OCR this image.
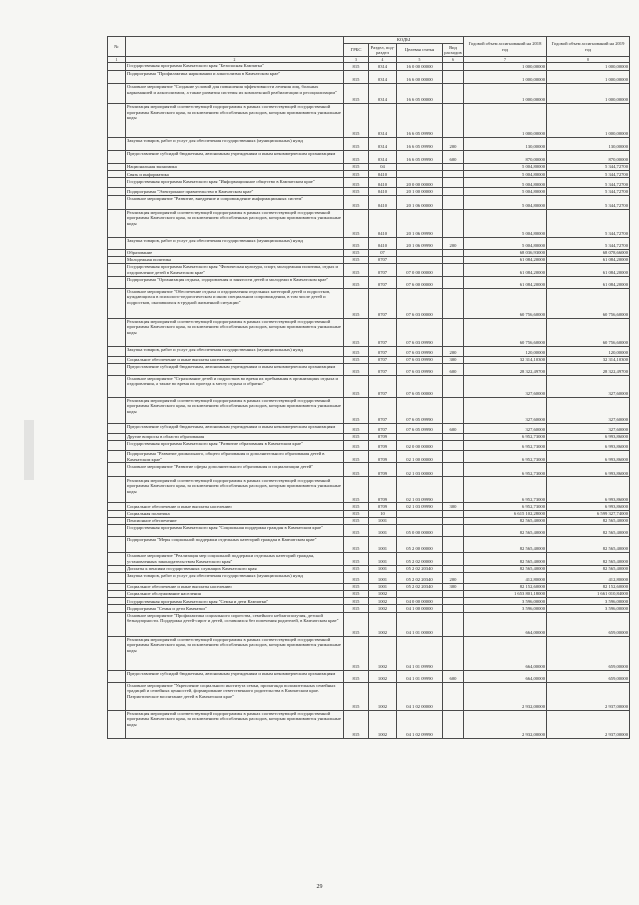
№		КОДЫ				Годовой объем ассигнований на 2018 год	Годовой объем ассигнований на 2019 год
		ГРБС	Раздел, под-раздел	Целевая статья	Вид расходов		
1	2	3	4	5	6	7	8
	Государственная программа Камчатского края "Безопасная Камчатка"	815	0314	16 0 00 00000		1 000,00000	1 000,00000
	Подпрограмма "Профилактика наркомании и алкоголизма в Камчатском крае"	815	0314	16 6 00 00000		1 000,00000	1 000,00000
	Основное мероприятие "Создание условий для повышения эффективности лечения лиц, больных наркоманией и алкоголизмом, а также развития системы их комплексной реабилитации и ресоциализации"	815	0314	16 6 05 00000		1 000,00000	1 000,00000
	Реализация мероприятий соответствующей подпрограммы в рамках соответствующей государственной программы Камчатского края, за исключением обособленных расходов, которым присваиваются уникальные коды	815	0314	16 6 05 09990		1 000,00000	1 000,00000
	Закупка товаров, работ и услуг для обеспечения государственных (муниципальных) нужд	815	0314	16 6 05 09990	200	130,00000	130,00000
	Предоставление субсидий бюджетным, автономным учреждениям и иным некоммерческим организациям	815	0314	16 6 05 09990	600	870,00000	870,00000
	Национальная экономика	815	04			5 004,80000	5 344,72700
	Связь и информатика	815	0410			5 004,80000	5 344,72700
	Государственная программа Камчатского края "Информационное общество в Камчатском крае"	815	0410	20 0 00 00000		5 004,80000	5 344,72700
	Подпрограмма "Электронное правительство в Камчатском крае"	815	0410	20 1 00 00000		5 004,80000	5 344,72700
	Основное мероприятие "Развитие, внедрение и сопровождение информационных систем"	815	0410	20 1 06 00000		5 004,80000	5 344,72700
	Реализация мероприятий соответствующей подпрограммы в рамках соответствующей государственной программы Камчатского края, за исключением обособленных расходов, которым присваиваются уникальные коды	815	0410	20 1 06 09990		5 004,80000	5 344,72700
	Закупка товаров, работ и услуг для обеспечения государственных (муниципальных) нужд	815	0410	20 1 06 09990	200	5 004,80000	5 344,72700
	Образование	815	07			68 036,93000	68 078,66000
	Молодежная политика	815	0707			61 084,20000	61 084,20000
	Государственная программа Камчатского края "Физическая культура, спорт, молодежная политика, отдых и оздоровление детей в Камчатском крае"	815	0707	07 0 00 00000		61 084,20000	61 084,20000
	Подпрограмма "Организация отдыха, оздоровления и занятости детей и молодежи в Камчатском крае"	815	0707	07 6 00 00000		61 084,20000	61 084,20000
	Основное мероприятие "Обеспечение отдыха и оздоровления отдельных категорий детей и подростков, нуждающихся в психолого-педагогическом и ином специальном сопровождении, в том числе детей и подростков, оказавшихся в трудной жизненной ситуации"	815	0707	07 6 03 00000		60 756,60000	60 756,60000
	Реализация мероприятий соответствующей подпрограммы в рамках соответствующей государственной программы Камчатского края, за исключением обособленных расходов, которым присваиваются уникальные коды	815	0707	07 6 03 09990		60 756,60000	60 756,60000
	Закупка товаров, работ и услуг для обеспечения государственных (муниципальных) нужд	815	0707	07 6 03 09990	200	120,00000	120,00000
	Социальное обеспечение и иные выплаты населению	815	0707	07 6 03 09990	300	32 314,10300	32 314,10300
	Предоставление субсидий бюджетным, автономным учреждениям и иным некоммерческим организациям	815	0707	07 6 03 09990	600	28 322,49700	28 322,49700
	Основное мероприятие "Страхование детей и подростков во время их пребывания в организациях отдыха и оздоровления, а также во время их проезда к месту отдыха и обратно"	815	0707	07 6 05 00000		327,60000	327,60000
	Реализация мероприятий соответствующей подпрограммы в рамках соответствующей государственной программы Камчатского края, за исключением обособленных расходов, которым присваиваются уникальные коды	815	0707	07 6 05 09990		327,60000	327,60000
	Предоставление субсидий бюджетным, автономным учреждениям и иным некоммерческим организациям	815	0707	07 6 05 09990	600	327,60000	327,60000
	Другие вопросы в области образования	815	0709			6 952,73000	6 993,86000
	Государственная программа Камчатского края "Развитие образования в Камчатском крае"	815	0709	02 0 00 00000		6 952,73000	6 993,86000
	Подпрограмма "Развитие дошкольного, общего образования и дополнительного образования детей в Камчатском крае"	815	0709	02 1 00 00000		6 952,73000	6 993,86000
	Основное мероприятие "Развитие сферы дополнительного образования и социализации детей"	815	0709	02 1 03 00000		6 952,73000	6 993,86000
	Реализация мероприятий соответствующей подпрограммы в рамках соответствующей государственной программы Камчатского края, за исключением обособленных расходов, которым присваиваются уникальные коды	815	0709	02 1 03 09990		6 952,73000	6 993,86000
	Социальное обеспечение и иные выплаты населению	815	0709	02 1 03 09990	300	6 952,73000	6 993,86000
	Социальная политика	815	10			6 615 102,28000	6 599 327,74000
	Пенсионное обеспечение	815	1001			82 565,40000	82 565,40000
	Государственная программа Камчатского края "Социальная поддержка граждан в Камчатском крае"	815	1001	05 0 00 00000		82 565,40000	82 565,40000
	Подпрограмма "Меры социальной поддержки отдельных категорий граждан в Камчатском крае"	815	1001	05 2 00 00000		82 565,40000	82 565,40000
	Основное мероприятие "Реализация мер социальной поддержки отдельных категорий граждан, установленных законодательством Камчатского края"	815	1001	05 2 02 00000		82 565,40000	82 565,40000
	Доплаты к пенсиям государственных служащих Камчатского края	815	1001	05 2 02 20340		82 565,40000	82 565,40000
	Закупка товаров, работ и услуг для обеспечения государственных (муниципальных) нужд	815	1001	05 2 02 20340	200	412,80000	412,80000
	Социальное обеспечение и иные выплаты населению	815	1001	05 2 02 20340	300	82 152,60000	82 152,60000
	Социальное обслуживание населения	815	1002			1 653 801,18000	1 661 010,84000
	Государственная программа Камчатского края "Семья и дети Камчатки"	815	1002	04 0 00 00000		3 596,00000	3 596,00000
	Подпрограмма "Семья и дети Камчатки"	815	1002	04 1 00 00000		3 596,00000	3 596,00000
	Основное мероприятие "Профилактика социального сиротства, семейного неблагополучия, детской безнадзорности. Поддержка детей-сирот и детей, оставшихся без попечения родителей, в Камчатском крае"	815	1002	04 1 01 00000		664,00000	659,00000
	Реализация мероприятий соответствующей подпрограммы в рамках соответствующей государственной программы Камчатского края, за исключением обособленных расходов, которым присваиваются уникальные коды	815	1002	04 1 01 09990		664,00000	659,00000
	Предоставление субсидий бюджетным, автономным учреждениям и иным некоммерческим организациям	815	1002	04 1 01 09990	600	664,00000	659,00000
	Основное мероприятие "Укрепление социального института семьи, пропаганда положительных семейных традиций и семейных ценностей, формирование ответственного родительства в Камчатском крае. Патриотическое воспитание детей в Камчатском крае"	815	1002	04 1 02 00000		2 932,00000	2 937,00000
	Реализация мероприятий соответствующей подпрограммы в рамках соответствующей государственной программы Камчатского края, за исключением обособленных расходов, которым присваиваются уникальные коды	815	1002	04 1 02 09990		2 932,00000	2 937,00000
29
